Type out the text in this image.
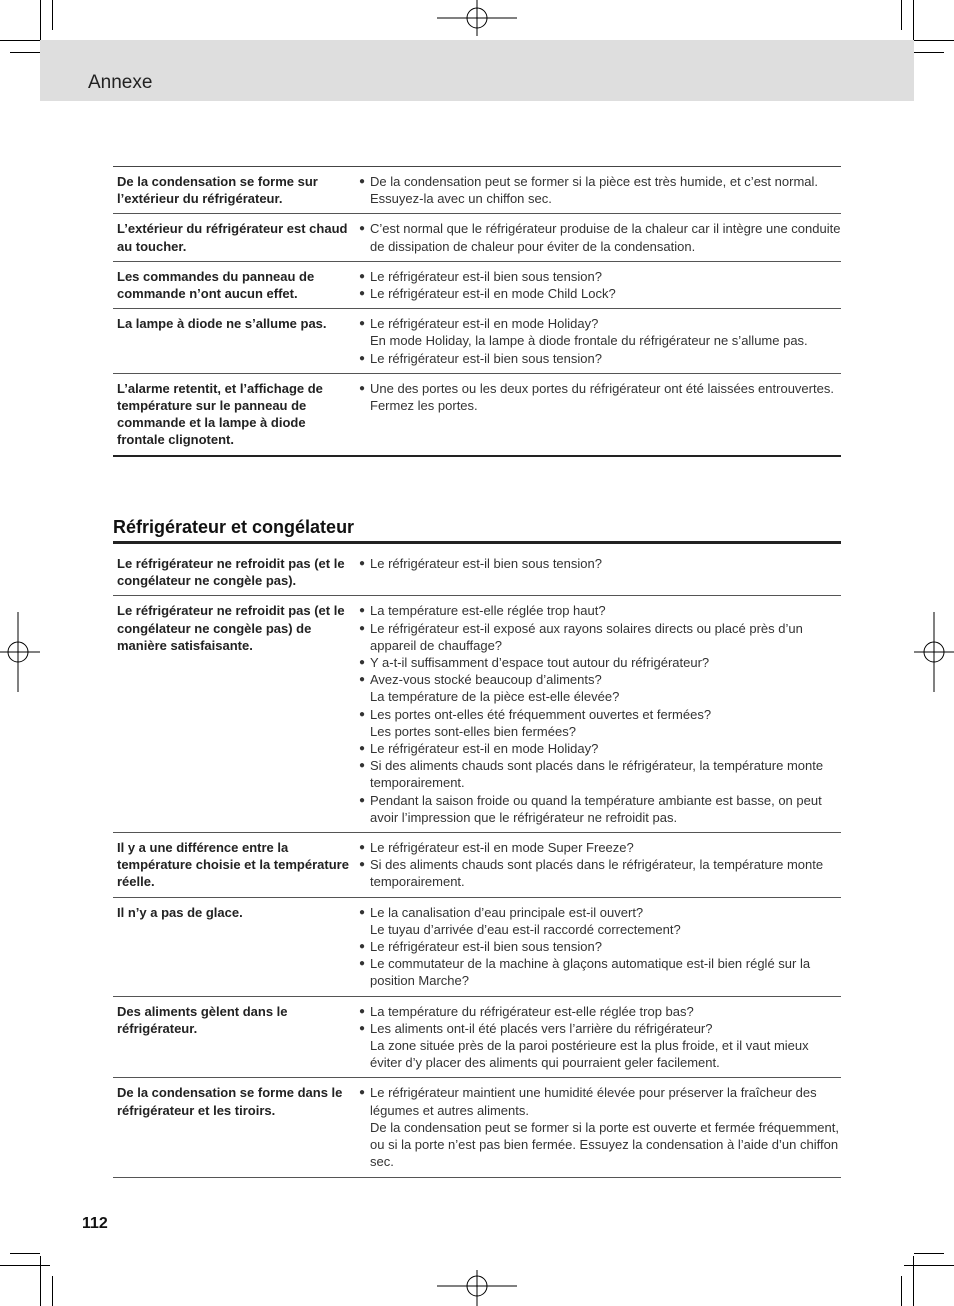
Annexe
De la condensation se forme sur l’extérieur du réfrigérateur.
● De la condensation peut se former si la pièce est très humide, et c’est normal. Essuyez-la avec un chiffon sec.
L’extérieur du réfrigérateur est chaud au toucher.
● C’est normal que le réfrigérateur produise de la chaleur car il intègre une conduite de dissipation de chaleur pour éviter de la condensation.
Les commandes du panneau de commande n’ont aucun effet.
● Le réfrigérateur est-il bien sous tension?
● Le réfrigérateur est-il en mode Child Lock?
La lampe à diode ne s’allume pas.	● Le réfrigérateur est-il en mode Holiday?
En mode Holiday, la lampe à diode frontale du réfrigérateur ne s’allume pas.
● Le réfrigérateur est-il bien sous tension?
L’alarme retentit, et l’affichage de température sur le panneau de commande et la lampe à diode frontale clignotent.
● Une des portes ou les deux portes du réfrigérateur ont été laissées entrouvertes. Fermez les portes.
Réfrigérateur et congélateur
Le réfrigérateur ne refroidit pas (et le congélateur ne congèle pas).
● Le réfrigérateur est-il bien sous tension?
Le réfrigérateur ne refroidit pas (et le congélateur ne congèle pas) de manière satisfaisante.
● La température est-elle réglée trop haut?
● Le réfrigérateur est-il exposé aux rayons solaires directs ou placé près d’un appareil de chauffage?
● Y a-t-il suffisamment d’espace tout autour du réfrigérateur?
● Avez-vous stocké beaucoup d’aliments?
La température de la pièce est-elle élevée?
● Les portes ont-elles été fréquemment ouvertes et fermées?
Les portes sont-elles bien fermées?
● Le réfrigérateur est-il en mode Holiday?
● Si des aliments chauds sont placés dans le réfrigérateur, la température monte temporairement.
● Pendant la saison froide ou quand la température ambiante est basse, on peut avoir l’impression que le réfrigérateur ne refroidit pas.
Il y a une différence entre la température choisie et la température réelle.
● Le réfrigérateur est-il en mode Super Freeze?
● Si des aliments chauds sont placés dans le réfrigérateur, la température monte temporairement.
Il n’y a pas de glace.	● Le la canalisation d’eau principale est-il ouvert?
Le tuyau d’arrivée d’eau est-il raccordé correctement?
● Le réfrigérateur est-il bien sous tension?
● Le commutateur de la machine à glaçons automatique est-il bien réglé sur la position Marche?
Des aliments gèlent dans le réfrigérateur.
● La température du réfrigérateur est-elle réglée trop bas?
● Les aliments ont-il été placés vers l’arrière du réfrigérateur?
La zone située près de la paroi postérieure est la plus froide, et il vaut mieux éviter d’y placer des aliments qui pourraient geler facilement.
De la condensation se forme dans le réfrigérateur et les tiroirs.
● Le réfrigérateur maintient une humidité élevée pour préserver la fraîcheur des légumes et autres aliments.
De la condensation peut se former si la porte est ouverte et fermée fréquemment, ou si la porte n’est pas bien fermée. Essuyez la condensation à l’aide d’un chiffon sec.
112
